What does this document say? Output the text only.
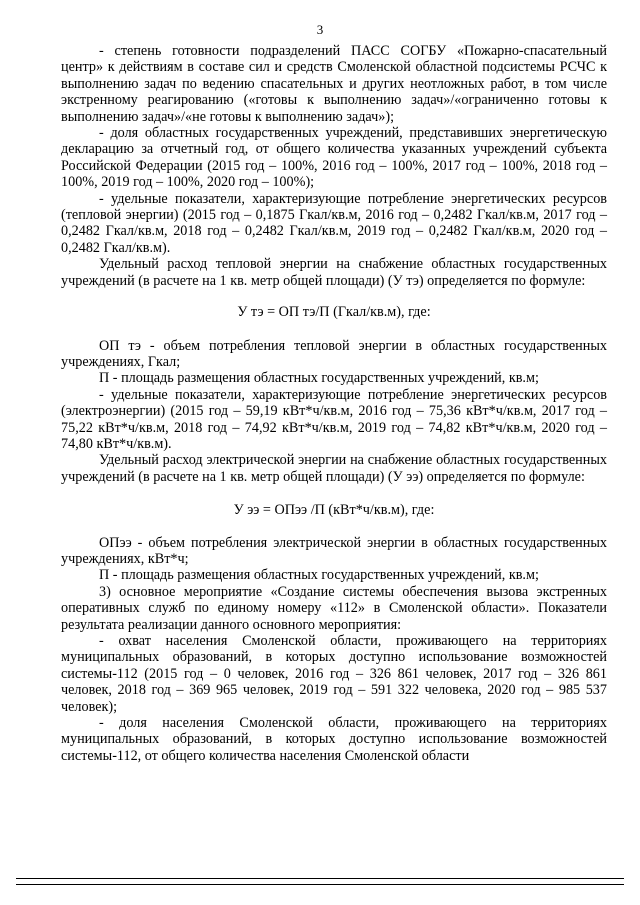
3

- степень готовности подразделений ПАСС СОГБУ «Пожарно-спасательный центр» к действиям в составе сил и средств Смоленской областной подсистемы РСЧС к выполнению задач по ведению спасательных и других неотложных работ, в том числе экстренному реагированию («готовы к выполнению задач»/«ограниченно готовы к выполнению задач»/«не готовы к выполнению задач»);

- доля областных государственных учреждений, представивших энергетическую декларацию за отчетный год, от общего количества указанных учреждений субъекта Российской Федерации (2015 год – 100%, 2016 год – 100%, 2017 год – 100%, 2018 год – 100%, 2019 год – 100%, 2020 год – 100%);

- удельные показатели, характеризующие потребление энергетических ресурсов (тепловой энергии) (2015 год – 0,1875 Гкал/кв.м, 2016 год – 0,2482 Гкал/кв.м, 2017 год – 0,2482 Гкал/кв.м, 2018 год – 0,2482 Гкал/кв.м, 2019 год – 0,2482 Гкал/кв.м, 2020 год – 0,2482 Гкал/кв.м).

Удельный расход тепловой энергии на снабжение областных государственных учреждений (в расчете на 1 кв. метр общей площади) (У тэ) определяется по формуле:

У тэ = ОП тэ/П (Гкал/кв.м), где:

ОП тэ - объем потребления тепловой энергии в областных государственных учреждениях, Гкал;

П - площадь размещения областных государственных учреждений, кв.м;

- удельные показатели, характеризующие потребление энергетических ресурсов (электроэнергии) (2015 год – 59,19 кВт*ч/кв.м, 2016 год – 75,36 кВт*ч/кв.м, 2017 год – 75,22 кВт*ч/кв.м, 2018 год – 74,92 кВт*ч/кв.м, 2019 год – 74,82 кВт*ч/кв.м, 2020 год – 74,80 кВт*ч/кв.м).

Удельный расход электрической энергии на снабжение областных государственных учреждений (в расчете на 1 кв. метр общей площади) (У ээ) определяется по формуле:

У ээ = ОПээ /П (кВт*ч/кв.м), где:

ОПээ - объем потребления электрической энергии в областных государственных учреждениях, кВт*ч;

П - площадь размещения областных государственных учреждений, кв.м;

3) основное мероприятие «Создание системы обеспечения вызова экстренных оперативных служб по единому номеру «112» в Смоленской области». Показатели результата реализации данного основного мероприятия:

- охват населения Смоленской области, проживающего на территориях муниципальных образований, в которых доступно использование возможностей системы-112 (2015 год – 0 человек, 2016 год – 326 861 человек, 2017 год – 326 861 человек, 2018 год – 369 965 человек, 2019 год – 591 322 человека, 2020 год – 985 537 человек);

- доля населения Смоленской области, проживающего на территориях муниципальных образований, в которых доступно использование возможностей системы-112, от общего количества населения Смоленской области
